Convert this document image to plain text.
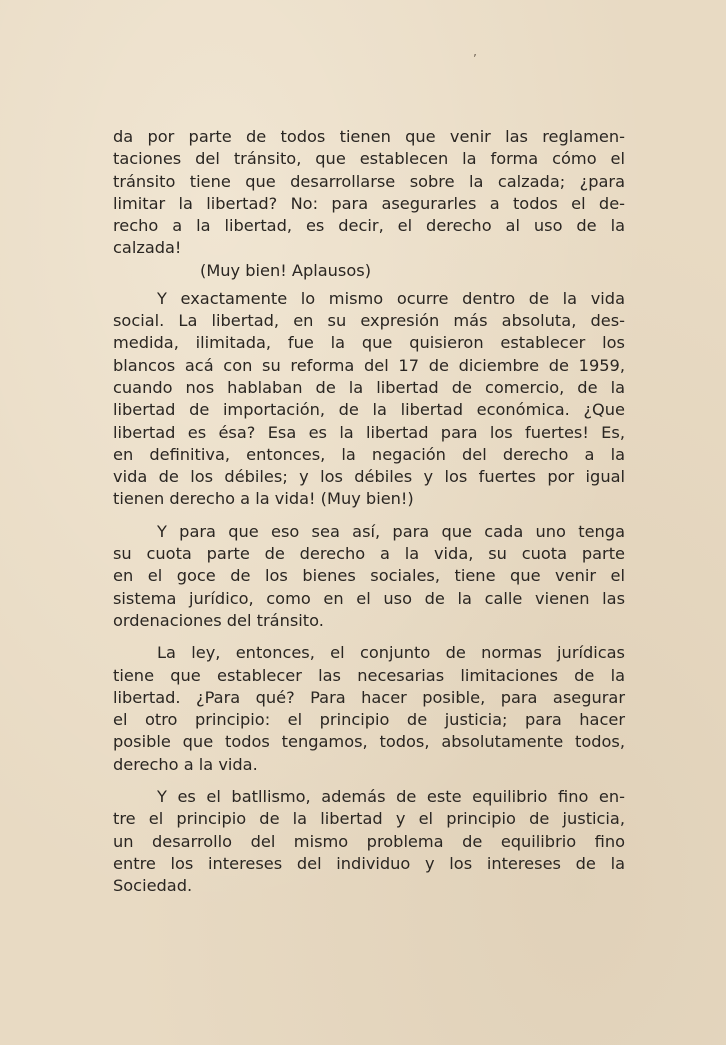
’

da por parte de todos tienen que venir las reglamen-
taciones del tránsito, que establecen la forma cómo el
tránsito tiene que desarrollarse sobre la calzada; ¿para
limitar la libertad? No: para asegurarles a todos el de-
recho a la libertad, es decir, el derecho al uso de la
calzada!

(Muy bien! Aplausos)

Y exactamente lo mismo ocurre dentro de la vida
social. La libertad, en su expresión más absoluta, des-
medida, ilimitada, fue la que quisieron establecer los
blancos acá con su reforma del 17 de diciembre de 1959,
cuando nos hablaban de la libertad de comercio, de la
libertad de importación, de la libertad económica. ¿Que
libertad es ésa? Esa es la libertad para los fuertes! Es,
en definitiva, entonces, la negación del derecho a la
vida de los débiles; y los débiles y los fuertes por igual
tienen derecho a la vida! (Muy bien!)

Y para que eso sea así, para que cada uno tenga
su cuota parte de derecho a la vida, su cuota parte
en el goce de los bienes sociales, tiene que venir el
sistema jurídico, como en el uso de la calle vienen las
ordenaciones del tránsito.

La ley, entonces, el conjunto de normas jurídicas
tiene que establecer las necesarias limitaciones de la
libertad. ¿Para qué? Para hacer posible, para asegurar
el otro principio: el principio de justicia; para hacer
posible que todos tengamos, todos, absolutamente todos,
derecho a la vida.

Y es el batllismo, además de este equilibrio fino en-
tre el principio de la libertad y el principio de justicia,
un desarrollo del mismo problema de equilibrio fino
entre los intereses del individuo y los intereses de la
Sociedad.
